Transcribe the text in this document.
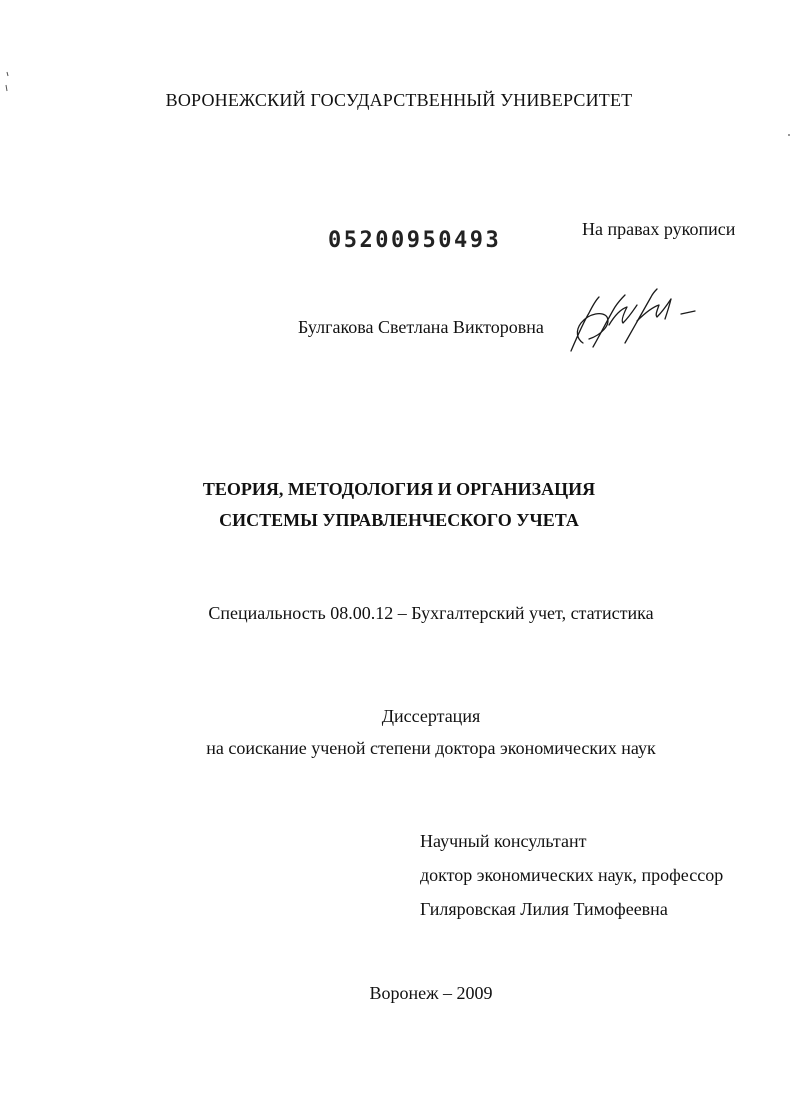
ВОРОНЕЖСКИЙ ГОСУДАРСТВЕННЫЙ УНИВЕРСИТЕТ
05200950493	На правах рукописи
Булгакова Светлана Викторовна
ТЕОРИЯ, МЕТОДОЛОГИЯ И ОРГАНИЗАЦИЯ
СИСТЕМЫ УПРАВЛЕНЧЕСКОГО УЧЕТА
Специальность 08.00.12 – Бухгалтерский учет, статистика
Диссертация
на соискание ученой степени доктора экономических наук
Научный консультант
доктор экономических наук, профессор
Гиляровская Лилия Тимофеевна
Воронеж – 2009
